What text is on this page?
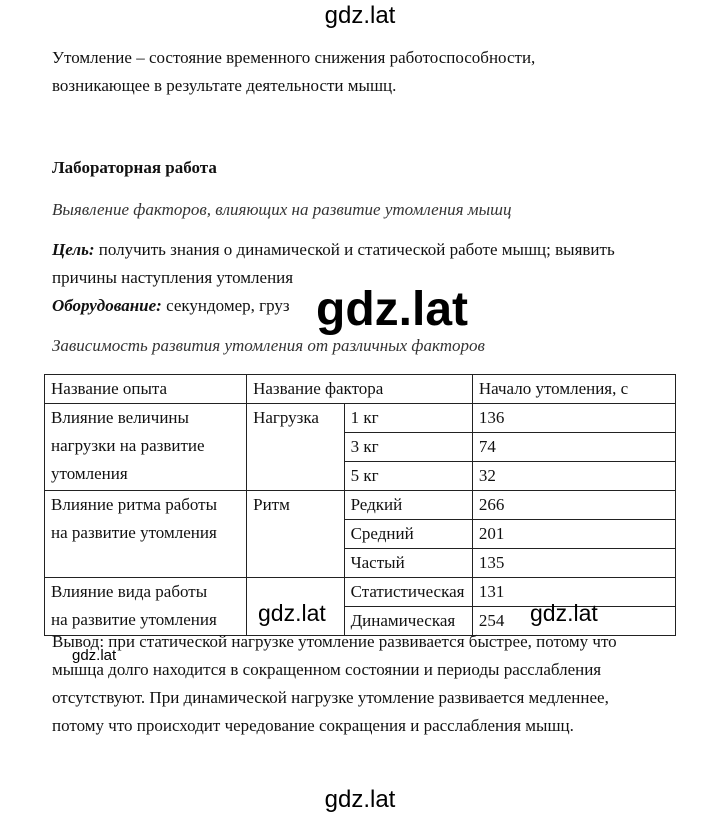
gdz.lat
Утомление – состояние временного снижения работоспособности,
возникающее в результате деятельности мышц.
Лабораторная работа
Выявление факторов, влияющих на развитие утомления мышц
Цель: получить знания о динамической и статической работе мышц; выявить
причины наступления утомления
Оборудование: секундомер, груз gdz.lat
Зависимость развития утомления от различных факторов
Название опыта	Название фактора		Начало утомления, с

Влияние величины
нагрузки на развитие
утомления	Нагрузка	1 кг	136
		3 кг	74
		5 кг	32

Влияние ритма работы
на развитие утомления	Ритм	Редкий	266
		Средний	201
		Частый	135

Влияние вида работы
на развитие утомления		Статистическая	131
		Динамическая	254
gdz.lat	gdz.lat
Вывод: при статической нагрузке утомление развивается быстрее, потому что
мышца долго находится в сокращенном состоянии и периоды расслабления
отсутствуют. При динамической нагрузке утомление развивается медленнее,
потому что происходит чередование сокращения и расслабления мышц.
gdz.lat
gdz.lat
